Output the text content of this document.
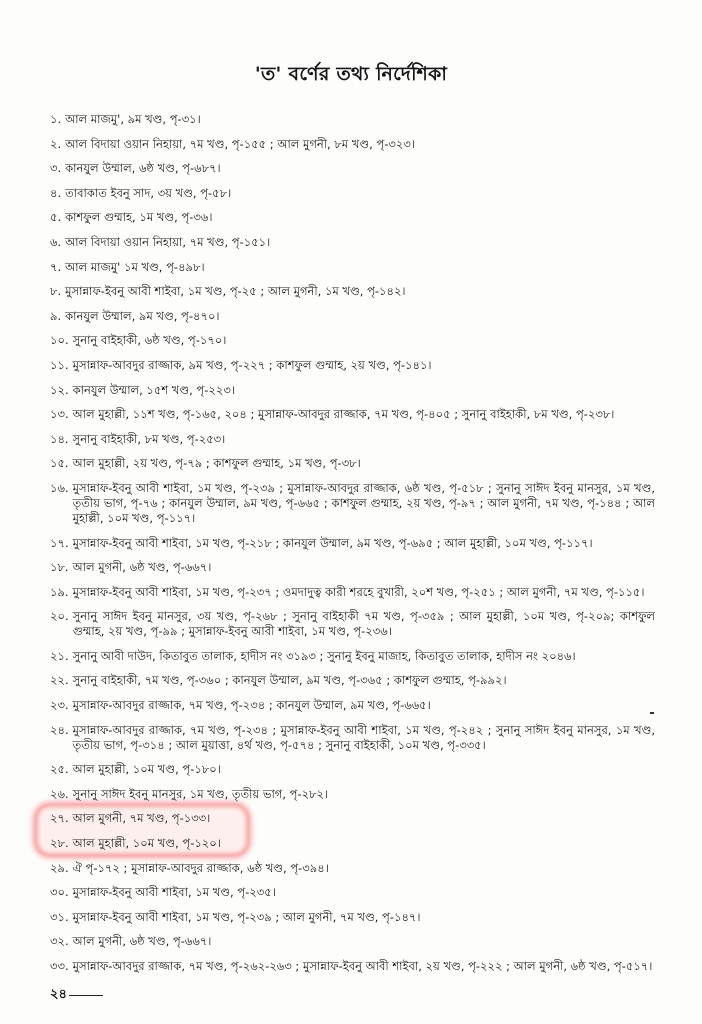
'ত' বর্ণের তথ্য নির্দেশিকা
১. আল মাজমু', ৯ম খণ্ড, পৃ-৩১।
২. আল বিদায়া ওয়ান নিহায়া, ৭ম খণ্ড, পৃ-১৫৫ ; আল মুগনী, ৮ম খণ্ড, পৃ-৩২৩।
৩. কানযুল উম্মাল, ৬ষ্ঠ খণ্ড, পৃ-৬৮৭।
৪. তাবাকাত ইবনু সাদ, ৩য় খণ্ড, পৃ-৫৮।
৫. কাশফুল গুম্মাহ, ১ম খণ্ড, পৃ-৩৬।
৬. আল বিদায়া ওয়ান নিহায়া, ৭ম খণ্ড, পৃ-১৫১।
৭. আল মাজমু' ১ম খণ্ড, পৃ-৪৯৮।
৮. মুসান্নাফ-ইবনু আবী শাইবা, ১ম খণ্ড, পৃ-২৫ ; আল মুগনী, ১ম খণ্ড, পৃ-১৪২।
৯. কানযুল উম্মাল, ৯ম খণ্ড, পৃ-৪৭০।
১০. সুনানু বাইহাকী, ৬ষ্ঠ খণ্ড, পৃ-১৭০।
১১. মুসান্নাফ-আবদুর রাজ্জাক, ৯ম খণ্ড, পৃ-২২৭ ; কাশফুল গুম্মাহ, ২য় খণ্ড, পৃ-১৪১।
১২. কানযুল উম্মাল, ১৫শ খণ্ড, পৃ-২২৩।
১৩. আল মুহাল্লী, ১১শ খণ্ড, পৃ-১৬৫, ২০৪ ; মুসান্নাফ-আবদুর রাজ্জাক, ৭ম খণ্ড, পৃ-৪০৫ ; সুনানু বাইহাকী, ৮ম খণ্ড, পৃ-২৩৮।
১৪. সুনানু বাইহাকী, ৮ম খণ্ড, পৃ-২৫৩।
১৫. আল মুহাল্লী, ২য় খণ্ড, পৃ-৭৯ ; কাশফুল গুম্মাহ, ১ম খণ্ড, পৃ-৩৮।
১৬. মুসান্নাফ-ইবনু আবী শাইবা, ১ম খণ্ড, পৃ-২৩৯ ; মুসান্নাফ-আবদুর রাজ্জাক, ৬ষ্ঠ খণ্ড, পৃ-৫১৮ ; সুনানু সাঈদ ইবনু মানসুর, ১ম খণ্ড, তৃতীয় ভাগ, পৃ-৭৬ ; কানযুল উম্মাল, ৯ম খণ্ড, পৃ-৬৬৫ ; কাশফুল গুম্মাহ, ২য় খণ্ড, পৃ-৯৭ ; আল মুগনী, ৭ম খণ্ড, পৃ-১৪৪ ; আল মুহাল্লী, ১০ম খণ্ড, পৃ-১১৭।
১৭. মুসান্নাফ-ইবনু আবী শাইবা, ১ম খণ্ড, পৃ-২১৮ ; কানযুল উম্মাল, ৯ম খণ্ড, পৃ-৬৯৫ ; আল মুহাল্লী, ১০ম খণ্ড, পৃ-১১৭।
১৮. আল মুগনী, ৬ষ্ঠ খণ্ড, পৃ-৬৬৭।
১৯. মুসান্নাফ-ইবনু আবী শাইবা, ১ম খণ্ড, পৃ-২৩৭ ; ওমদাদুত্ব কারী শরহে বুখারী, ২০শ খণ্ড, পৃ-২৫১ ; আল মুগনী, ৭ম খণ্ড, পৃ-১১৫।
২০. সুনানু সাঈদ ইবনু মানসুর, ৩য় খণ্ড, পৃ-২৬৮ ; সুনানু বাইহাকী ৭ম খণ্ড, পৃ-৩৫৯ ; আল মুহাল্লী, ১০ম খণ্ড, পৃ-২০৯; কাশফুল গুম্মাহ, ২য় খণ্ড, পৃ-৯৯ ; মুসান্নাফ-ইবনু আবী শাইবা, ১ম খণ্ড, পৃ-২৩৬।
২১. সুনানু আবী দাউদ, কিতাবুত তালাক, হাদীস নং ৩১৯৩ ; সুনানু ইবনু মাজাহ, কিতাবুত তালাক, হাদীস নং ২০৪৬।
২২. সুনানু বাইহাকী, ৭ম খণ্ড, পৃ-৩৬০ ; কানযুল উম্মাল, ৯ম খণ্ড, পৃ-৩৬৫ ; কাশফুল গুম্মাহ, পৃ-৯৯২।
২৩. মুসান্নাফ-আবদুর রাজ্জাক, ৭ম খণ্ড, পৃ-২৩৪ ; কানযুল উম্মাল, ৯ম খণ্ড, পৃ-৬৬৫।
২৪. মুসান্নাফ-আবদুর রাজ্জাক, ৭ম খণ্ড, পৃ-২৩৪ ; মুসান্নাফ-ইবনু আবী শাইবা, ১ম খণ্ড, পৃ-২৪২ ; সুনানু সাঈদ ইবনু মানসুর, ১ম খণ্ড, তৃতীয় ভাগ, পৃ-৩১৪ ; আল মুয়াত্তা, ৪র্থ খণ্ড, পৃ-৫৭৪ ; সুনানু বাইহাকী, ১০ম খণ্ড, পৃ-৩৩৫।
২৫. আল মুহাল্লী, ১০ম খণ্ড, পৃ-১৮০।
২৬. সুনানু সাঈদ ইবনু মানসুর, ১ম খণ্ড, তৃতীয় ভাগ, পৃ-২৮২।
২৭. আল মুগনী, ৭ম খণ্ড, পৃ-১৩৩।
২৮. আল মুহাল্লী, ১০ম খণ্ড, পৃ-১২০।
২৯. ঐ পৃ-১৭২ ; মুসান্নাফ-আবদুর রাজ্জাক, ৬ষ্ঠ খণ্ড, পৃ-৩৯৪।
৩০. মুসান্নাফ-ইবনু আবী শাইবা, ১ম খণ্ড, পৃ-২৩৫।
৩১. মুসান্নাফ-ইবনু আবী শাইবা, ১ম খণ্ড, পৃ-২৩৯ ; আল মুগনী, ৭ম খণ্ড, পৃ-১৪৭।
৩২. আল মুগনী, ৬ষ্ঠ খণ্ড, পৃ-৬৬৭।
৩৩. মুসান্নাফ-আবদুর রাজ্জাক, ৭ম খণ্ড, পৃ-২৬২-২৬৩ ; মুসান্নাফ-ইবনু আবী শাইবা, ২য় খণ্ড, পৃ-২২২ ; আল মুগনী, ৬ষ্ঠ খণ্ড, পৃ-৫১৭।
২৪
